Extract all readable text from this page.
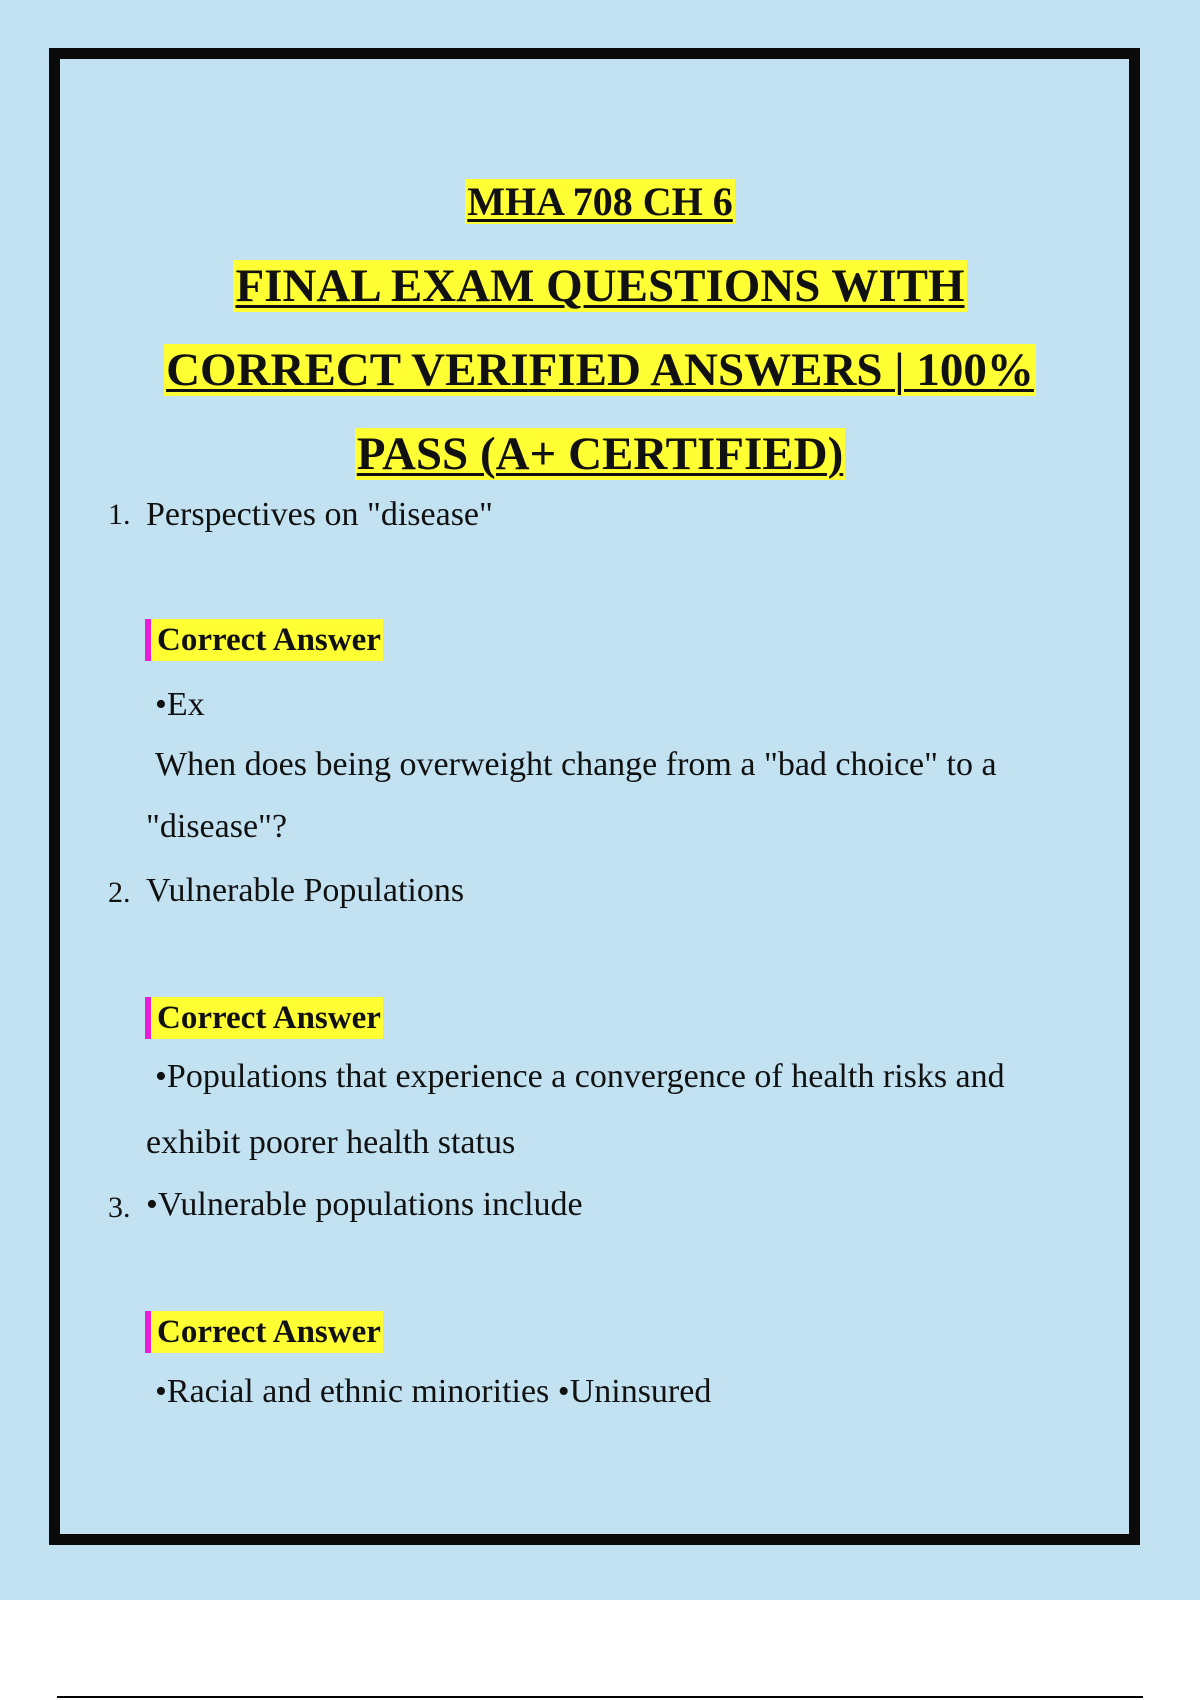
MHA 708 CH 6
FINAL EXAM QUESTIONS WITH
CORRECT VERIFIED ANSWERS | 100%
PASS (A+ CERTIFIED)
1. Perspectives on "disease"
Correct Answer
•Ex
When does being overweight change from a "bad choice" to a
"disease"?
2. Vulnerable Populations
Correct Answer
•Populations that experience a convergence of health risks and
exhibit poorer health status
3. •Vulnerable populations include
Correct Answer
•Racial and ethnic minorities •Uninsured
